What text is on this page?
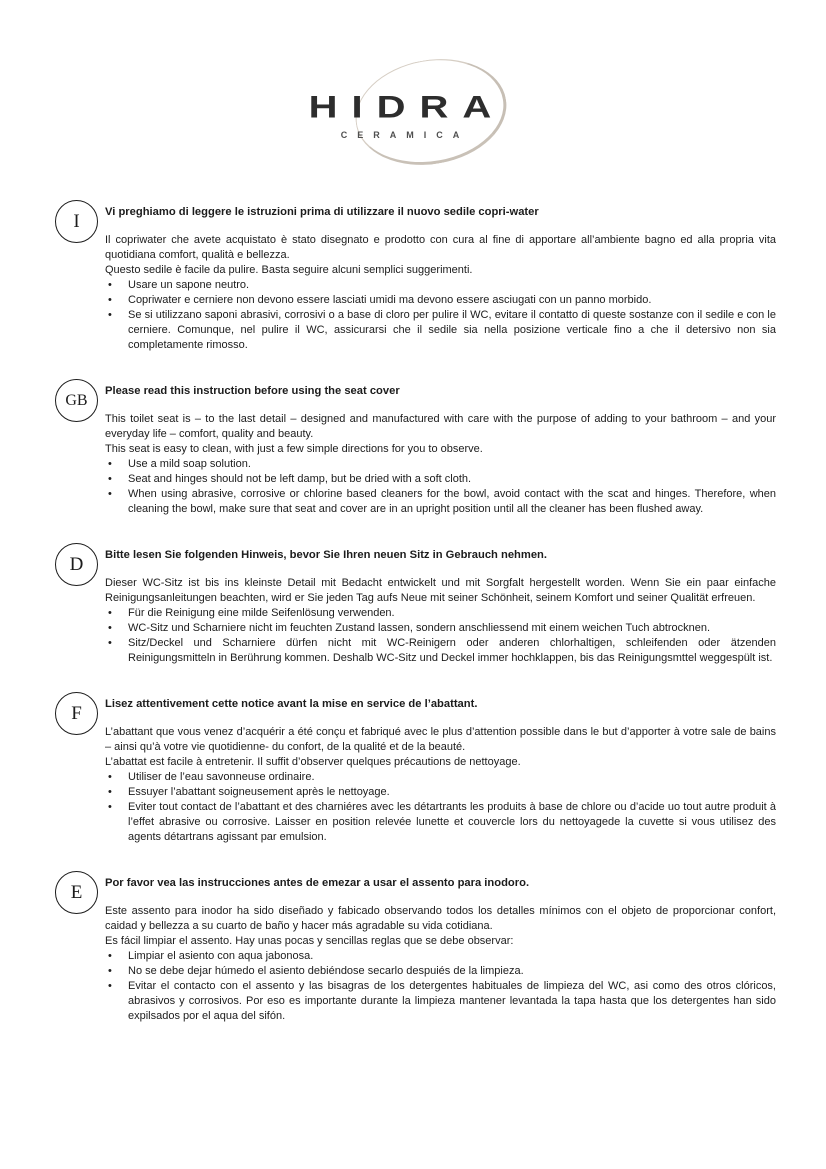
HIDRA
CERAMICA
I Vi preghiamo di leggere le istruzioni prima di utilizzare il nuovo sedile copri-water
Il copriwater che avete acquistato è stato disegnato e prodotto con cura al fine di apportare all’ambiente bagno ed alla propria vita quotidiana comfort, qualità e bellezza.
Questo sedile è facile da pulire. Basta seguire alcuni semplici suggerimenti.
• Usare un sapone neutro.
• Copriwater e cerniere non devono essere lasciati umidi ma devono essere asciugati con un panno morbido.
• Se si utilizzano saponi abrasivi, corrosivi o a base di cloro per pulire il WC, evitare il contatto di queste sostanze con il sedile e con le cerniere. Comunque, nel pulire il WC, assicurarsi che il sedile sia nella posizione verticale fino a che il detersivo non sia completamente rimosso.
GB
Please read this instruction before using the seat cover
This toilet seat is – to the last detail – designed and manufactured with care with the purpose of adding to your bathroom – and your everyday life – comfort, quality and beauty.
This seat is easy to clean, with just a few simple directions for you to observe.
• Use a mild soap solution.
• Seat and hinges should not be left damp, but be dried with a soft cloth.
• When using abrasive, corrosive or chlorine based cleaners for the bowl, avoid contact with the scat and hinges. Therefore, when cleaning the bowl, make sure that seat and cover are in an upright position until all the cleaner has been flushed away.
D Bitte lesen Sie folgenden Hinweis, bevor Sie Ihren neuen Sitz in Gebrauch nehmen.
Dieser WC-Sitz ist bis ins kleinste Detail mit Bedacht entwickelt und mit Sorgfalt hergestellt worden. Wenn Sie ein paar einfache Reinigungsanleitungen beachten, wird er Sie jeden Tag aufs Neue mit seiner Schönheit, seinem Komfort und seiner Qualität erfreuen.
• Für die Reinigung eine milde Seifenlösung verwenden.
• WC-Sitz und Scharniere nicht im feuchten Zustand lassen, sondern anschliessend mit einem weichen Tuch abtrocknen.
• Sitz/Deckel und Scharniere dürfen nicht mit WC-Reinigern oder anderen chlorhaltigen, schleifenden oder ätzenden Reinigungsmitteln in Berührung kommen. Deshalb WC-Sitz und Deckel immer hochklappen, bis das Reinigungsmttel weggespült ist.
F Lisez attentivement cette notice avant la mise en service de l’abattant.
L’abattant que vous venez d’acquérir a été conçu et fabriqué avec le plus d’attention possible dans le but d’apporter à votre sale de bains – ainsi qu’à votre vie quotidienne- du confort, de la qualité et de la beauté.
L’abattat est facile à entretenir. Il suffit d’observer quelques précautions de nettoyage.
• Utiliser de l’eau savonneuse ordinaire.
• Essuyer l’abattant soigneusement après le nettoyage.
• Eviter tout contact de l’abattant et des charniéres avec les détartrants les produits à base de chlore ou d’acide uo tout autre produit à l’effet abrasive ou corrosive. Laisser en position relevée lunette et couvercle lors du nettoyagede la cuvette si vous utilisez des agents détartrans agissant par emulsion.
E Por favor vea las instrucciones antes de emezar a usar el assento para inodoro.
Este assento para inodor ha sido diseñado y fabicado observando todos los detalles mínimos con el objeto de proporcionar confort, caidad y bellezza a su cuarto de baño y hacer más agradable su vida cotidiana.
Es fácil limpiar el assento. Hay unas pocas y sencillas reglas que se debe observar:
• Limpiar el asiento con aqua jabonosa.
• No se debe dejar húmedo el asiento debiéndose secarlo despuiés de la limpieza.
• Evitar el contacto con el assento y las bisagras de los detergentes habituales de limpieza del WC, asi como des otros clóricos, abrasivos y corrosivos. Por eso es importante durante la limpieza mantener levantada la tapa hasta que los detergentes han sido expilsados por el aqua del sifón.
